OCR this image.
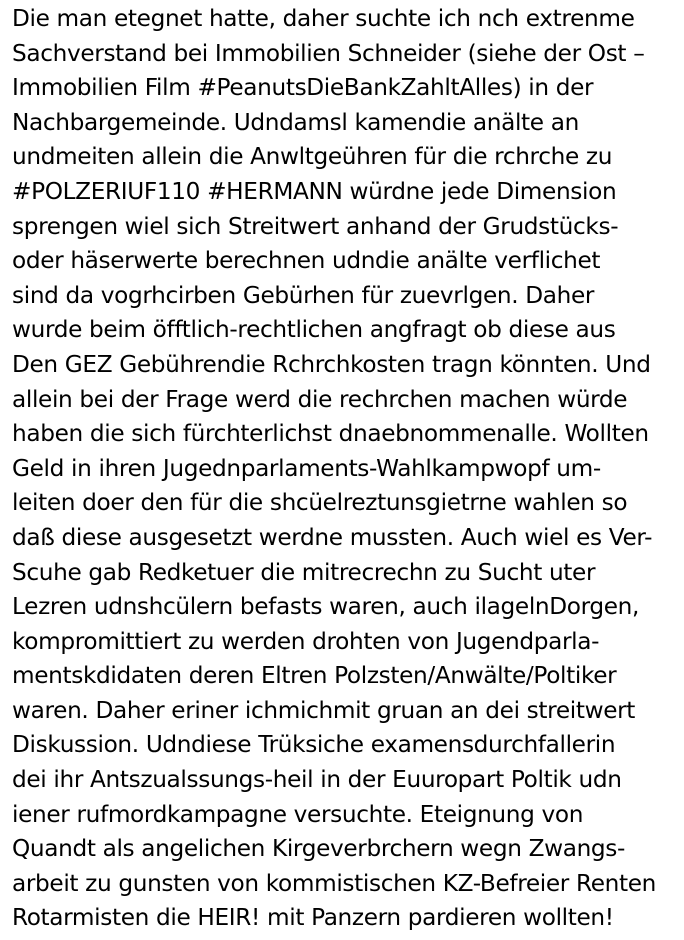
Die man etegnet hatte, daher suchte ich nch extrenme
Sachverstand bei Immobilien Schneider (siehe der Ost –
Immobilien Film #PeanutsDieBankZahltAlles) in der
Nachbargemeinde. Udndamsl kamendie anälte an
undmeiten allein die Anwltgeühren für die rchrche zu
#POLZERIUF110 #HERMANN würdne jede Dimension
sprengen wiel sich Streitwert anhand der Grudstücks-
oder häserwerte berechnen udndie anälte verflichet
sind da vogrhcirben Gebürhen für zuevrlgen. Daher
wurde beim öfftlich-rechtlichen angfragt ob diese aus
Den GEZ Gebührendie Rchrchkosten tragn könnten. Und
allein bei der Frage werd die rechrchen machen würde
haben die sich fürchterlichst dnaebnommenalle. Wollten
Geld in ihren Jugednparlaments-Wahlkampwopf um-
leiten doer den für die shcüelreztunsgietrne wahlen so
daß diese ausgesetzt werdne mussten. Auch wiel es Ver-
Scuhe gab Redketuer die mitrecrechn zu Sucht uter
Lezren udnshcülern befasts waren, auch ilagelnDorgen,
kompromittiert zu werden drohten von Jugendparla-
mentskdidaten deren Eltren Polzsten/Anwälte/Poltiker
waren. Daher eriner ichmichmit gruan an dei streitwert
Diskussion. Udndiese Trüksiche examensdurchfallerin
dei ihr Antszualssungs-heil in der Euuropart Poltik udn
iener rufmordkampagne versuchte. Eteignung von
Quandt als angelichen Kirgeverbrchern wegn Zwangs-
arbeit zu gunsten von kommistischen KZ-Befreier Renten
Rotarmisten die HEIR! mit Panzern pardieren wollten!
